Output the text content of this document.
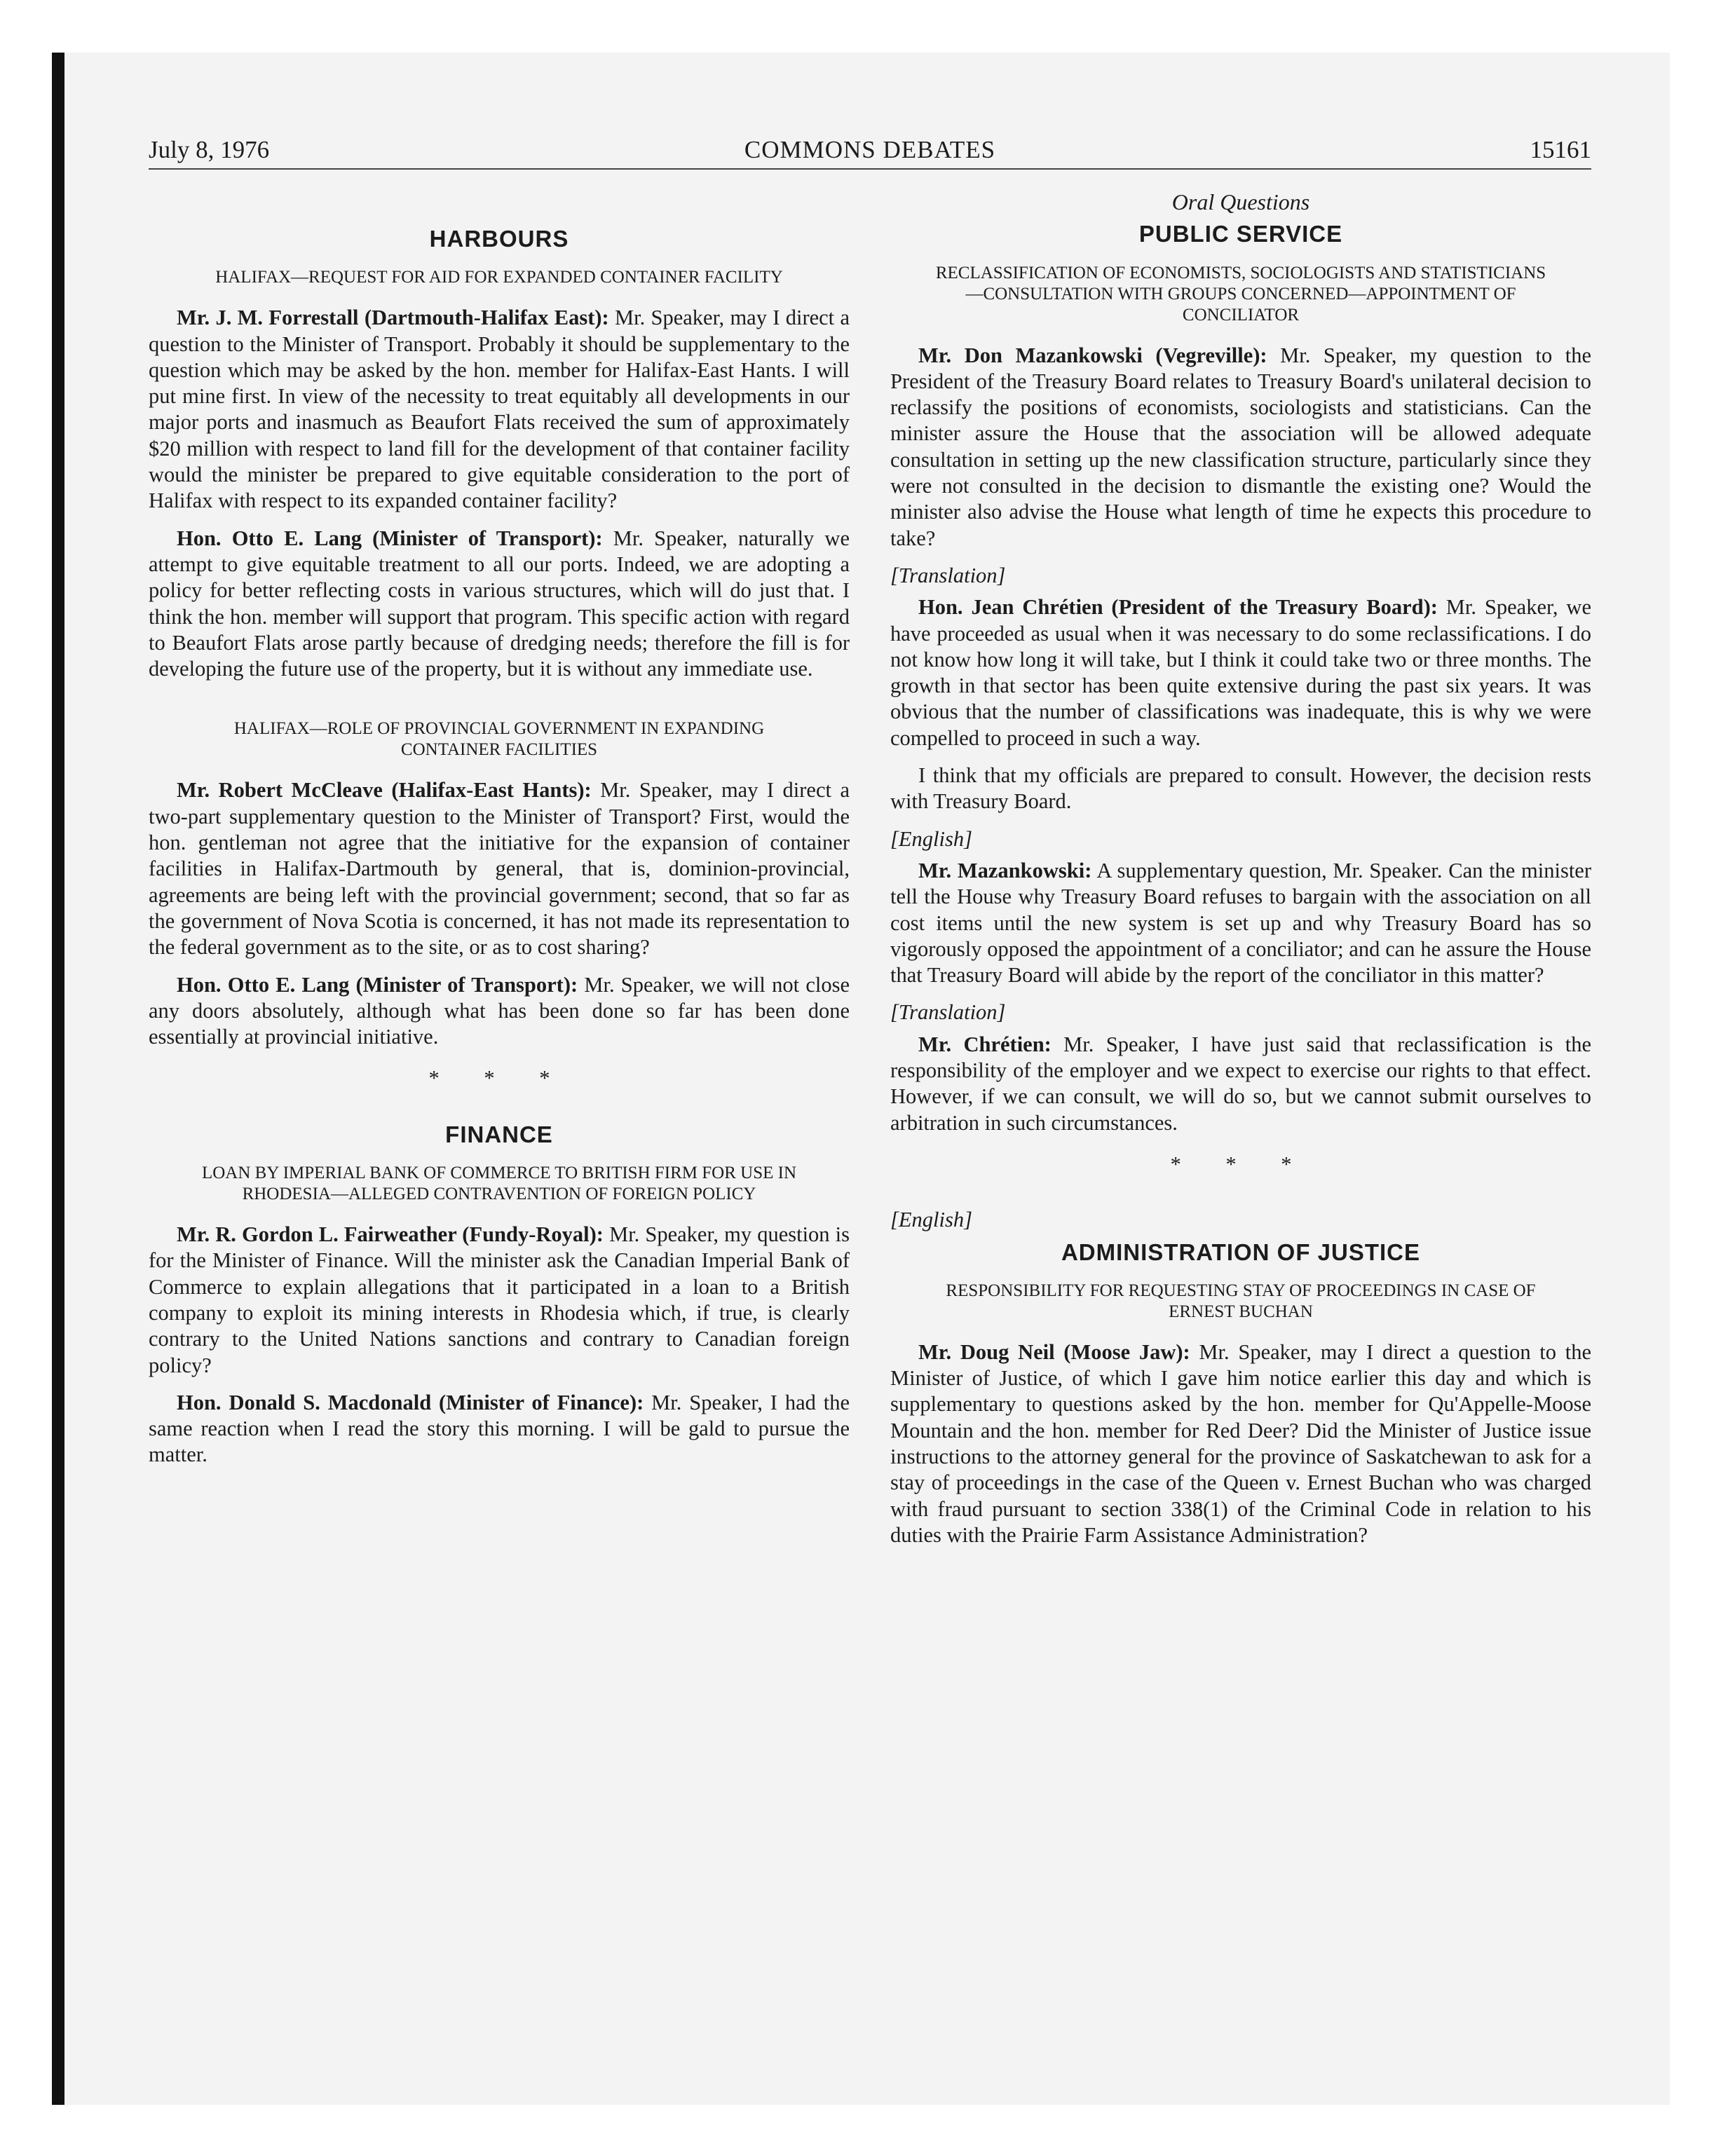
July 8, 1976	COMMONS DEBATES	15161
HARBOURS
HALIFAX—REQUEST FOR AID FOR EXPANDED CONTAINER FACILITY

Mr. J. M. Forrestall (Dartmouth-Halifax East): Mr. Speaker, may I direct a question to the Minister of Transport. Probably it should be supplementary to the question which may be asked by the hon. member for Halifax-East Hants. I will put mine first. In view of the necessity to treat equitably all developments in our major ports and inasmuch as Beaufort Flats received the sum of approximately $20 million with respect to land fill for the development of that container facility would the minister be prepared to give equitable consideration to the port of Halifax with respect to its expanded container facility?

Hon. Otto E. Lang (Minister of Transport): Mr. Speaker, naturally we attempt to give equitable treatment to all our ports. Indeed, we are adopting a policy for better reflecting costs in various structures, which will do just that. I think the hon. member will support that program. This specific action with regard to Beaufort Flats arose partly because of dredging needs; therefore the fill is for developing the future use of the property, but it is without any immediate use.

HALIFAX—ROLE OF PROVINCIAL GOVERNMENT IN EXPANDING CONTAINER FACILITIES

Mr. Robert McCleave (Halifax-East Hants): Mr. Speaker, may I direct a two-part supplementary question to the Minister of Transport? First, would the hon. gentleman not agree that the initiative for the expansion of container facilities in Halifax-Dartmouth by general, that is, dominion-provincial, agreements are being left with the provincial government; second, that so far as the government of Nova Scotia is concerned, it has not made its representation to the federal government as to the site, or as to cost sharing?

Hon. Otto E. Lang (Minister of Transport): Mr. Speaker, we will not close any doors absolutely, although what has been done so far has been done essentially at provincial initiative.

* * *
FINANCE
LOAN BY IMPERIAL BANK OF COMMERCE TO BRITISH FIRM FOR USE IN RHODESIA—ALLEGED CONTRAVENTION OF FOREIGN POLICY

Mr. R. Gordon L. Fairweather (Fundy-Royal): Mr. Speaker, my question is for the Minister of Finance. Will the minister ask the Canadian Imperial Bank of Commerce to explain allegations that it participated in a loan to a British company to exploit its mining interests in Rhodesia which, if true, is clearly contrary to the United Nations sanctions and contrary to Canadian foreign policy?

Hon. Donald S. Macdonald (Minister of Finance): Mr. Speaker, I had the same reaction when I read the story this morning. I will be gald to pursue the matter.

Oral Questions
PUBLIC SERVICE
RECLASSIFICATION OF ECONOMISTS, SOCIOLOGISTS AND STATISTICIANS—CONSULTATION WITH GROUPS CONCERNED—APPOINTMENT OF CONCILIATOR

Mr. Don Mazankowski (Vegreville): Mr. Speaker, my question to the President of the Treasury Board relates to Treasury Board's unilateral decision to reclassify the positions of economists, sociologists and statisticians. Can the minister assure the House that the association will be allowed adequate consultation in setting up the new classification structure, particularly since they were not consulted in the decision to dismantle the existing one? Would the minister also advise the House what length of time he expects this procedure to take?

[Translation]

Hon. Jean Chrétien (President of the Treasury Board): Mr. Speaker, we have proceeded as usual when it was necessary to do some reclassifications. I do not know how long it will take, but I think it could take two or three months. The growth in that sector has been quite extensive during the past six years. It was obvious that the number of classifications was inadequate, this is why we were compelled to proceed in such a way.

I think that my officials are prepared to consult. However, the decision rests with Treasury Board.

[English]

Mr. Mazankowski: A supplementary question, Mr. Speaker. Can the minister tell the House why Treasury Board refuses to bargain with the association on all cost items until the new system is set up and why Treasury Board has so vigorously opposed the appointment of a conciliator; and can he assure the House that Treasury Board will abide by the report of the conciliator in this matter?

[Translation]

Mr. Chrétien: Mr. Speaker, I have just said that reclassification is the responsibility of the employer and we expect to exercise our rights to that effect. However, if we can consult, we will do so, but we cannot submit ourselves to arbitration in such circumstances.

* * *
[English]
ADMINISTRATION OF JUSTICE
RESPONSIBILITY FOR REQUESTING STAY OF PROCEEDINGS IN CASE OF ERNEST BUCHAN

Mr. Doug Neil (Moose Jaw): Mr. Speaker, may I direct a question to the Minister of Justice, of which I gave him notice earlier this day and which is supplementary to questions asked by the hon. member for Qu'Appelle-Moose Mountain and the hon. member for Red Deer? Did the Minister of Justice issue instructions to the attorney general for the province of Saskatchewan to ask for a stay of proceedings in the case of the Queen v. Ernest Buchan who was charged with fraud pursuant to section 338(1) of the Criminal Code in relation to his duties with the Prairie Farm Assistance Administration?
